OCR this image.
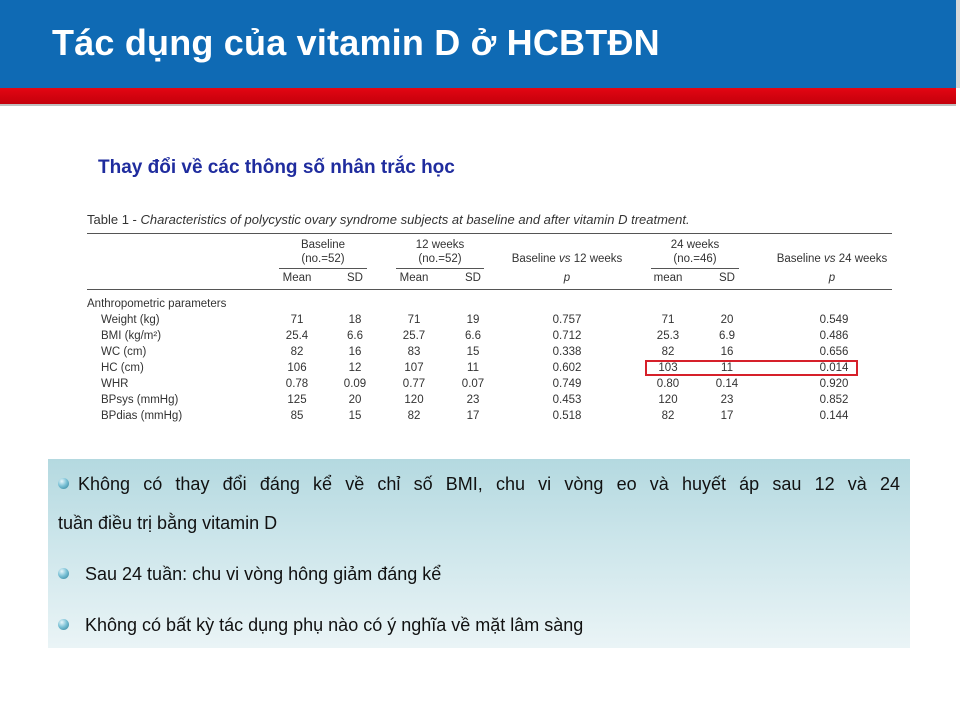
Tác dụng của vitamin D ở HCBTĐN
Thay đổi về các thông số nhân trắc học
Table 1 - Characteristics of polycystic ovary syndrome subjects at baseline and after vitamin D treatment.
Baseline
(no.=52)
12 weeks
(no.=52)
24 weeks
(no.=46)
Baseline vs 12 weeks	Baseline vs 24 weeks
Mean	SD	Mean	SD	p	mean	SD	p
Anthropometric parameters
Weight (kg)	71	18	71	19	0.757	71	20	0.549
BMI (kg/m²)	25.4	6.6	25.7	6.6	0.712	25.3	6.9	0.486
WC (cm)	82	16	83	15	0.338	82	16	0.656
HC (cm)	106	12	107	11	0.602	103	11	0.014
WHR	0.78	0.09	0.77	0.07	0.749	0.80	0.14	0.920
BPsys (mmHg)	125	20	120	23	0.453	120	23	0.852
BPdias (mmHg)	85	15	82	17	0.518	82	17	0.144
Không có thay đổi đáng kể về chỉ số BMI, chu vi vòng eo và huyết áp sau 12 và 24
tuần điều trị bằng vitamin D
Sau 24 tuần: chu vi vòng hông giảm đáng kể
Không có bất kỳ tác dụng phụ nào có ý nghĩa về mặt lâm sàng
